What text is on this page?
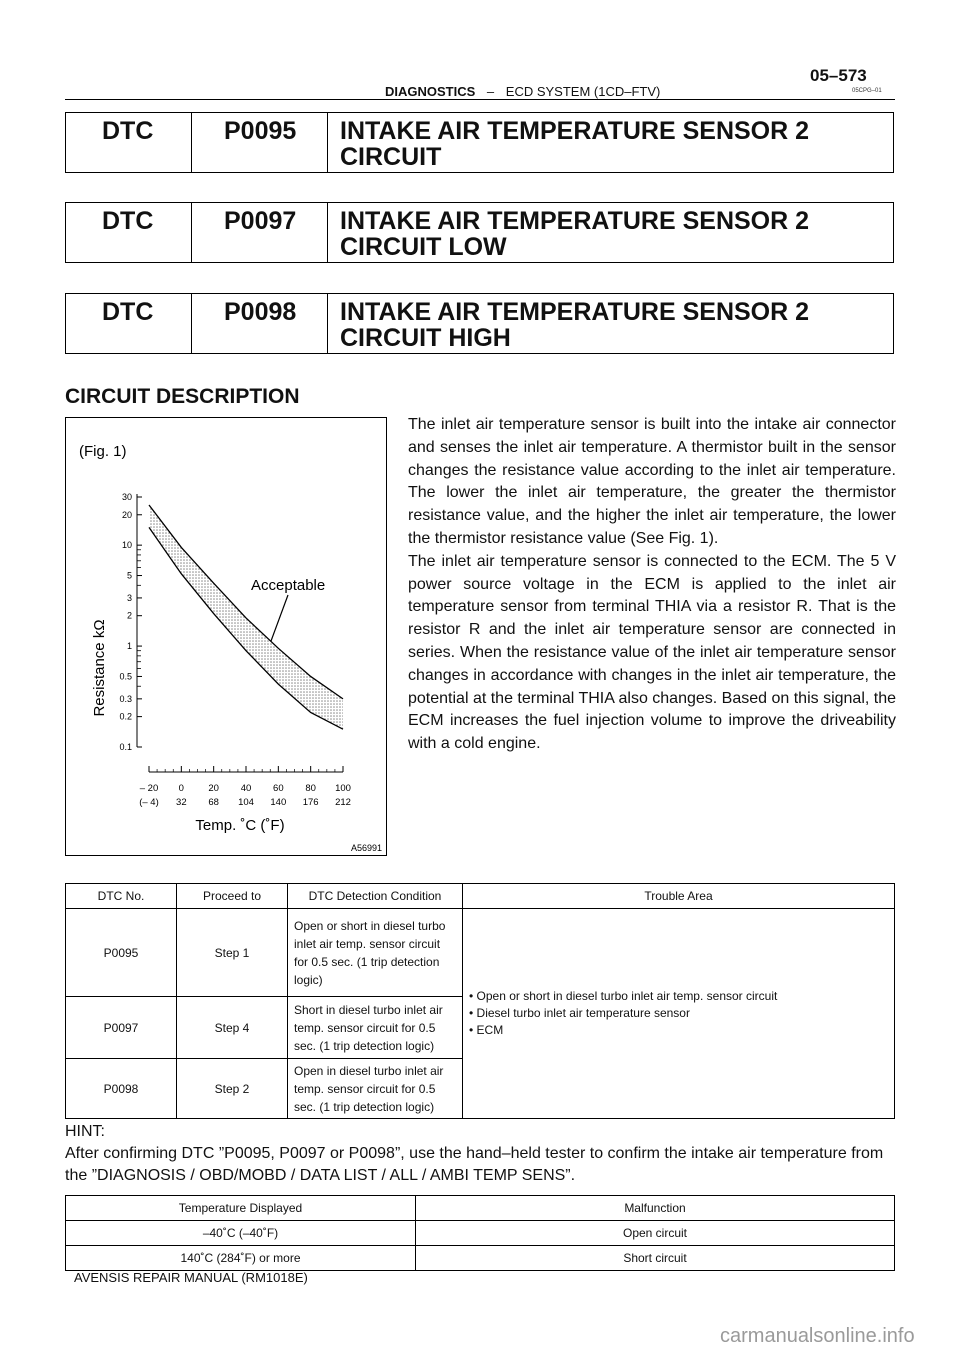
05–573
DIAGNOSTICS – ECD SYSTEM (1CD–FTV)	05CPG–01
DTC	P0095 INTAKE AIR TEMPERATURE SENSOR 2
CIRCUIT
DTC	P0097 INTAKE AIR TEMPERATURE SENSOR 2
CIRCUIT LOW
DTC	P0098 INTAKE AIR TEMPERATURE SENSOR 2
CIRCUIT HIGH
CIRCUIT DESCRIPTION
(Fig. 1)
Resistance kΩ
Temp. ˚C (˚F)
A56991
Acceptable
30
20
10
5
3
2
1
0.5
0.3
0.2
0.1
– 20
(– 4)
0
32
20
68
40
104
60
140
80
176
100
212

The inlet air temperature sensor is built into the intake air connector and senses the inlet air temperature. A thermistor built in the sensor changes the resistance value according to the inlet air temperature. The lower the inlet air temperature, the greater the thermistor resistance value, and the higher the inlet air temperature, the lower the thermistor resistance value (See Fig. 1).

The inlet air temperature sensor is connected to the ECM. The 5 V power source voltage in the ECM is applied to the inlet air temperature sensor from terminal THIA via a resistor R. That is the resistor R and the inlet air temperature sensor are connected in series. When the resistance value of the inlet air temperature sensor changes in accordance with changes in the inlet air temperature, the potential at the terminal THIA also changes. Based on this signal, the ECM increases the fuel injection volume to improve the driveability with a cold engine.

DTC No.	Proceed to	DTC Detection Condition	Trouble Area
P0095	Step 1	Open or short in diesel turbo inlet air temp. sensor circuit for 0.5 sec. (1 trip detection logic)	• Open or short in diesel turbo inlet air temp. sensor circuit
• Diesel turbo inlet air temperature sensor
• ECM

P0097	Step 4	Short in diesel turbo inlet air temp. sensor circuit for 0.5 sec. (1 trip detection logic)	
P0098	Step 2	Open in diesel turbo inlet air temp. sensor circuit for 0.5 sec. (1 trip detection logic)	
HINT:
After confirming DTC ”P0095, P0097 or P0098”, use the hand–held tester to confirm the intake air temperature from the ”DIAGNOSIS / OBD/MOBD / DATA LIST / ALL / AMBI TEMP SENS”.
Temperature Displayed	Malfunction
–40˚C (–40˚F)	Open circuit
140˚C (284˚F) or more	Short circuit
AVENSIS REPAIR MANUAL (RM1018E)
carmanualsonline.info
